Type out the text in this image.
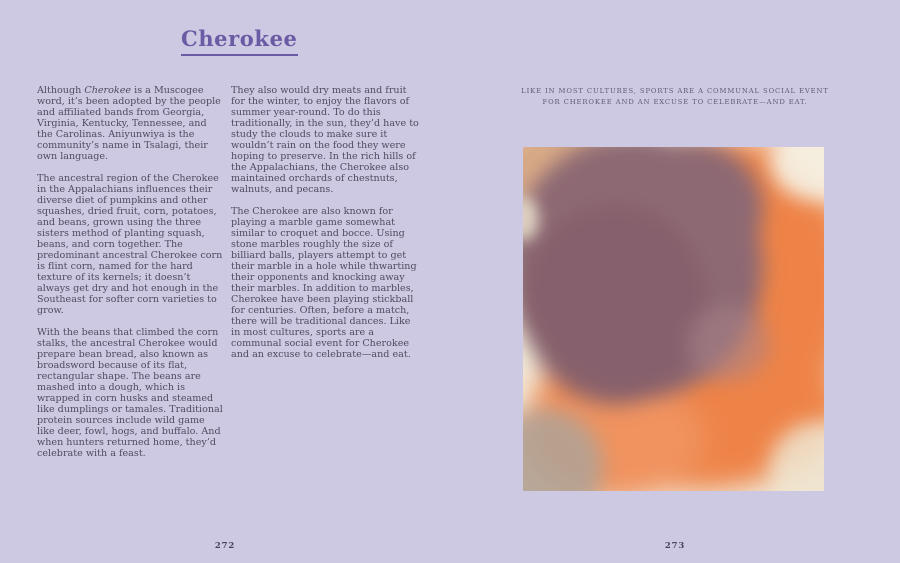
Cherokee

Although Cherokee is a Muscogee word, it’s been adopted by the people and affiliated bands from Georgia, Virginia, Kentucky, Tennessee, and the Carolinas. Aniyunwiya is the community’s name in Tsalagi, their own language.

The ancestral region of the Cherokee in the Appalachians influences their diverse diet of pumpkins and other squashes, dried fruit, corn, potatoes, and beans, grown using the three sisters method of planting squash, beans, and corn together. The predominant ancestral Cherokee corn is flint corn, named for the hard texture of its kernels; it doesn’t always get dry and hot enough in the Southeast for softer corn varieties to grow.

With the beans that climbed the corn stalks, the ancestral Cherokee would prepare bean bread, also known as broadsword because of its flat, rectangular shape. The beans are mashed into a dough, which is wrapped in corn husks and steamed like dumplings or tamales. Traditional protein sources include wild game like deer, fowl, hogs, and buffalo. And when hunters returned home, they’d celebrate with a feast.

They also would dry meats and fruit for the winter, to enjoy the flavors of summer year-round. To do this traditionally, in the sun, they’d have to study the clouds to make sure it wouldn’t rain on the food they were hoping to preserve. In the rich hills of the Appalachians, the Cherokee also maintained orchards of chestnuts, walnuts, and pecans.

The Cherokee are also known for playing a marble game somewhat similar to croquet and bocce. Using stone marbles roughly the size of billiard balls, players attempt to get their marble in a hole while thwarting their opponents and knocking away their marbles. In addition to marbles, Cherokee have been playing stickball for centuries. Often, before a match, there will be traditional dances. Like in most cultures, sports are a communal social event for Cherokee and an excuse to celebrate—and eat.

272
LIKE IN MOST CULTURES, SPORTS ARE A COMMUNAL SOCIAL EVENT
FOR CHEROKEE AND AN EXCUSE TO CELEBRATE—AND EAT.
273
